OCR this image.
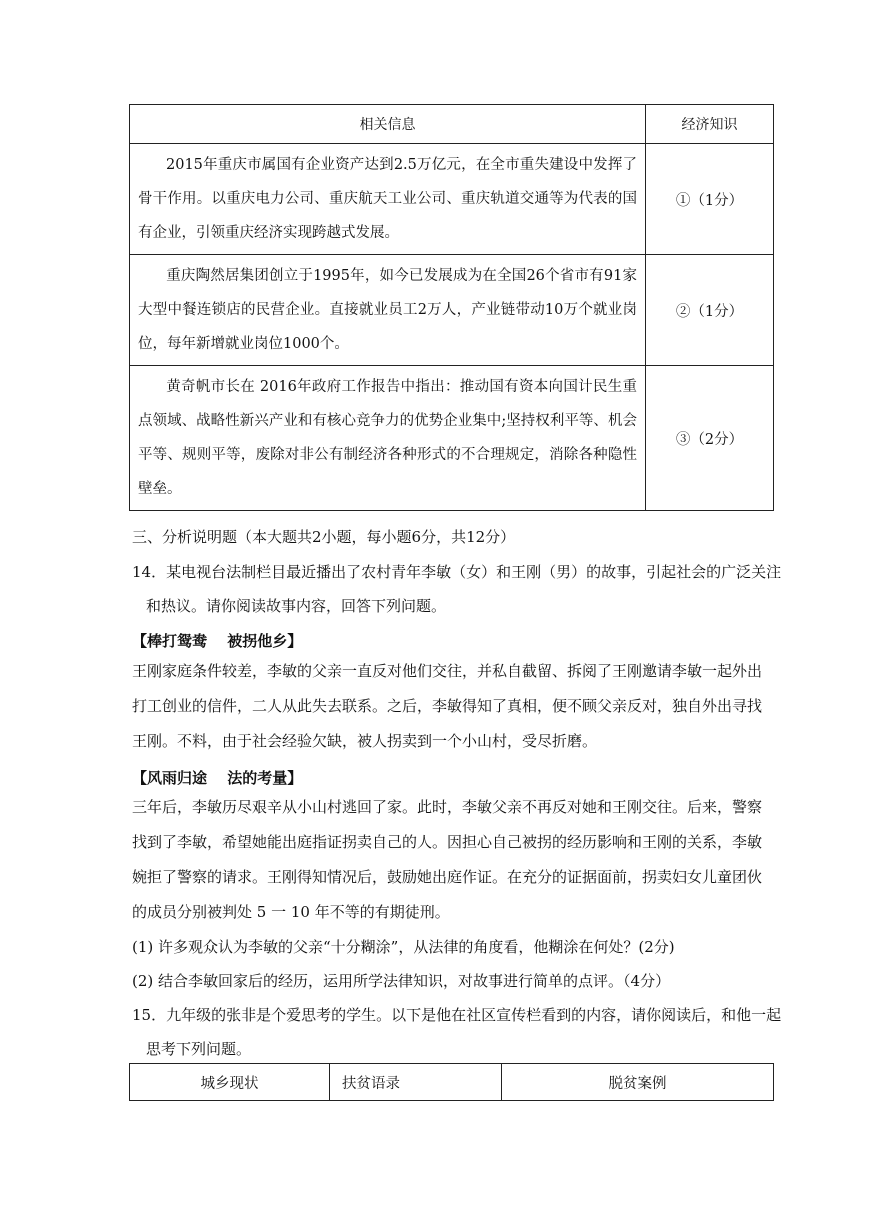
相关信息	经济知识
2015年重庆市属国有企业资产达到2.5万亿元，在全市重失建设中发挥了骨干作用。以重庆电力公司、重庆航天工业公司、重庆轨道交通等为代表的国有企业，引领重庆经济实现跨越式发展。	①（1分）
重庆陶然居集团创立于1995年，如今已发展成为在全国26个省市有91家大型中餐连锁店的民营企业。直接就业员工2万人，产业链带动10万个就业岗位，每年新增就业岗位1000个。	②（1分）
黄奇帆市长在 2016年政府工作报告中指出：推动国有资本向国计民生重点领域、战略性新兴产业和有核心竞争力的优势企业集中;坚持权利平等、机会平等、规则平等，废除对非公有制经济各种形式的不合理规定，消除各种隐性壁垒。	③（2分）
三、分析说明题（本大题共2小题，每小题6分，共12分）
14．某电视台法制栏目最近播出了农村青年李敏（女）和王刚（男）的故事，引起社会的广泛关注
和热议。请你阅读故事内容，回答下列问题。
【棒打鸳鸯　 被拐他乡】
王刚家庭条件较差，李敏的父亲一直反对他们交往，并私自截留、拆阅了王刚邀请李敏一起外出打工创业的信件，二人从此失去联系。之后，李敏得知了真相，便不顾父亲反对，独自外出寻找王刚。不料，由于社会经验欠缺，被人拐卖到一个小山村，受尽折磨。
【风雨归途　 法的考量】
三年后，李敏历尽艰辛从小山村逃回了家。此时，李敏父亲不再反对她和王刚交往。后来，警察找到了李敏，希望她能出庭指证拐卖自己的人。因担心自己被拐的经历影响和王刚的关系，李敏婉拒了警察的请求。王刚得知情况后，鼓励她出庭作证。在充分的证据面前，拐卖妇女儿童团伙的成员分别被判处 5 一 10 年不等的有期徒刑。
(1) 许多观众认为李敏的父亲“十分糊涂”，从法律的角度看，他糊涂在何处？(2分)
(2) 结合李敏回家后的经历，运用所学法律知识，对故事进行简单的点评。（4分）
15．九年级的张非是个爱思考的学生。以下是他在社区宣传栏看到的内容，请你阅读后，和他一起
思考下列问题。
城乡现状	扶贫语录	脱贫案例
